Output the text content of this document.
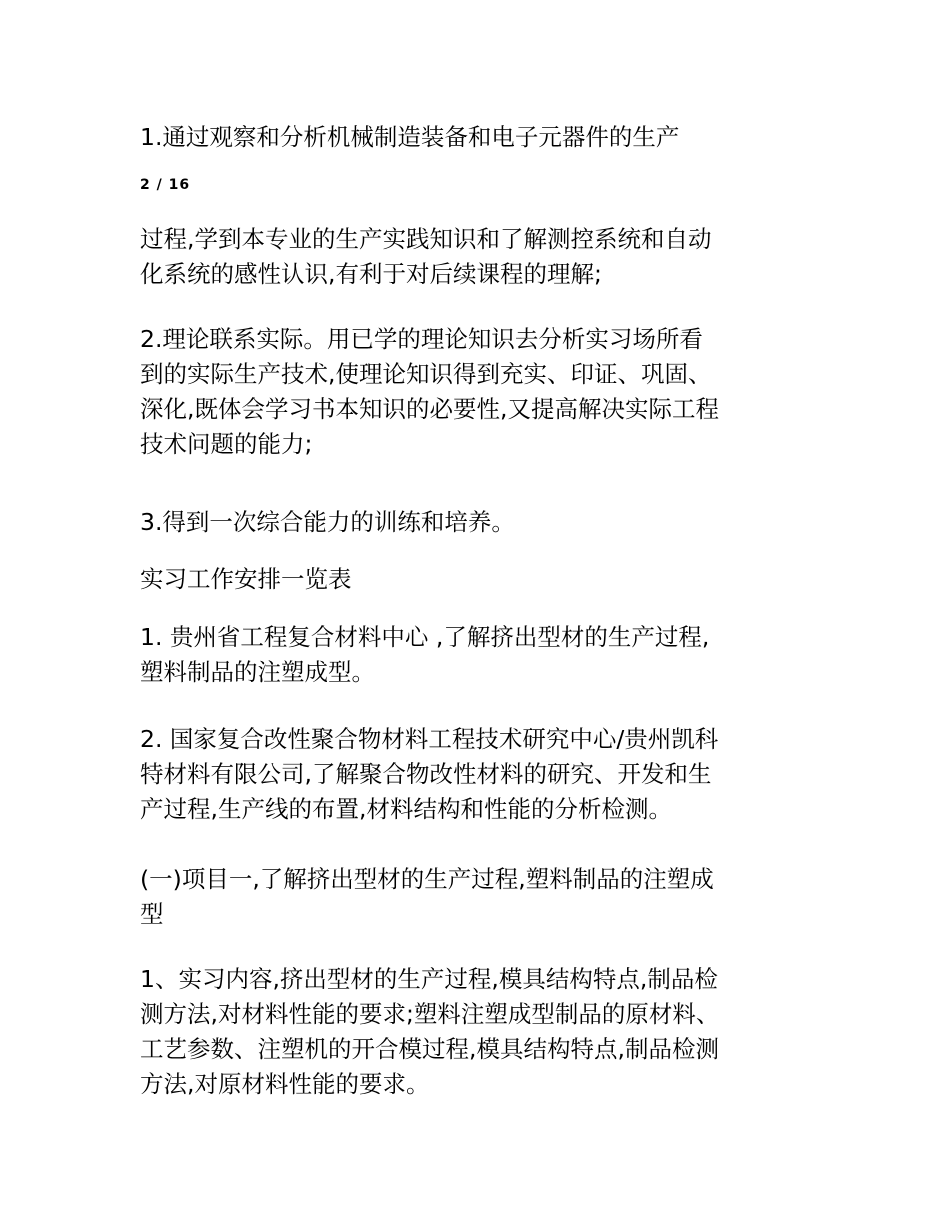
1.通过观察和分析机械制造装备和电子元器件的生产

2 / 16

过程,学到本专业的生产实践知识和了解测控系统和自动
化系统的感性认识,有利于对后续课程的理解;

2.理论联系实际。用已学的理论知识去分析实习场所看
到的实际生产技术,使理论知识得到充实、印证、巩固、
深化,既体会学习书本知识的必要性,又提高解决实际工程
技术问题的能力;

3.得到一次综合能力的训练和培养。

实习工作安排一览表

1. 贵州省工程复合材料中心 ,了解挤出型材的生产过程,
塑料制品的注塑成型。

2. 国家复合改性聚合物材料工程技术研究中心/贵州凯科
特材料有限公司,了解聚合物改性材料的研究、开发和生
产过程,生产线的布置,材料结构和性能的分析检测。

(一)项目一,了解挤出型材的生产过程,塑料制品的注塑成
型

1、实习内容,挤出型材的生产过程,模具结构特点,制品检
测方法,对材料性能的要求;塑料注塑成型制品的原材料、
工艺参数、注塑机的开合模过程,模具结构特点,制品检测
方法,对原材料性能的要求。
